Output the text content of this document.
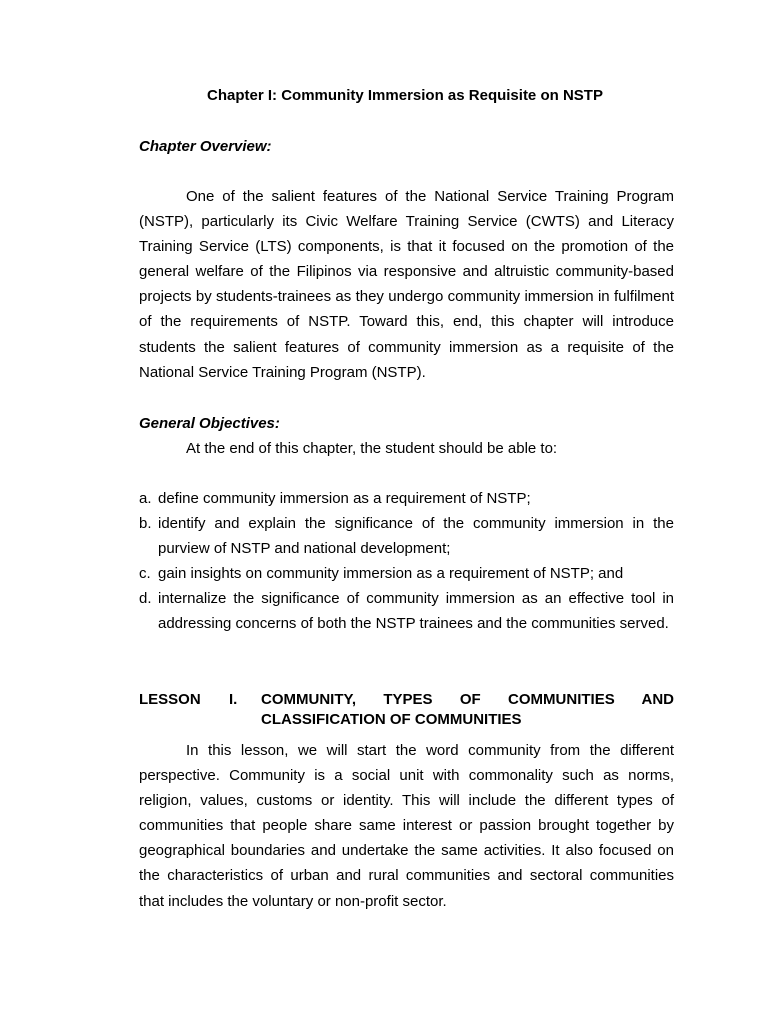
Chapter I: Community Immersion as Requisite on NSTP
Chapter Overview:

One of the salient features of the National Service Training Program (NSTP), particularly its Civic Welfare Training Service (CWTS) and Literacy Training Service (LTS) components, is that it focused on the promotion of the general welfare of the Filipinos via responsive and altruistic community-based projects by students-trainees as they undergo community immersion in fulfilment of the requirements of NSTP. Toward this, end, this chapter will introduce students the salient features of community immersion as a requisite of the National Service Training Program (NSTP).

General Objectives:
At the end of this chapter, the student should be able to:
a. define community immersion as a requirement of NSTP;
b. identify and explain the significance of the community immersion in the purview of NSTP and national development;
c. gain insights on community immersion as a requirement of NSTP; and
d. internalize the significance of community immersion as an effective tool in addressing concerns of both the NSTP trainees and the communities served.
LESSON I. COMMUNITY, TYPES OF COMMUNITIES AND
CLASSIFICATION OF COMMUNITIES

In this lesson, we will start the word community from the different perspective. Community is a social unit with commonality such as norms, religion, values, customs or identity. This will include the different types of communities that people share same interest or passion brought together by geographical boundaries and undertake the same activities. It also focused on the characteristics of urban and rural communities and sectoral communities that includes the voluntary or non-profit sector.
